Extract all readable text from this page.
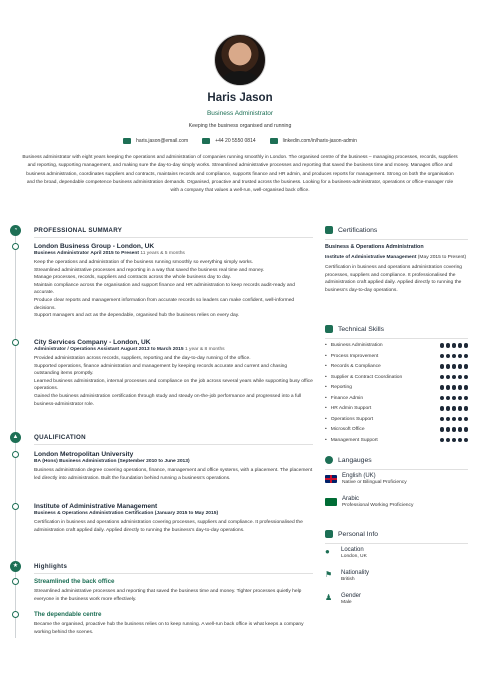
Haris Jason
Business Administrator
Keeping the business organised and running
haris.jason@email.com	+44 20 5550 0814	linkedin.com/in/haris-jason-admin
Business administrator with eight years keeping the operations and administration of companies running smoothly in London. The organised centre of the business – managing processes, records, suppliers and reporting, supporting management, and making sure the day-to-day simply works. Streamlined administrative processes and reporting that saved the business time and money. Manages office and business administration, coordinates suppliers and contracts, maintains records and compliance, supports finance and HR admin, and produces reports for management. Strong on both the organisation and the broad, dependable competence business administration demands. Organised, proactive and trusted across the business. Looking for a business-administrator, operations or office-manager role with a company that values a well-run, well-organised back office.
◔	PROFESSIONAL SUMMARY
London Business Group - London, UK
Business Administrator April 2015 to Present 11 years & 5 months
Keep the operations and administration of the business running smoothly so everything simply works.
Streamlined administrative processes and reporting in a way that saved the business real time and money.
Manage processes, records, suppliers and contracts across the whole business day to day.
Maintain compliance across the organisation and support finance and HR administration to keep records audit-ready and accurate.
Produce clear reports and management information from accurate records so leaders can make confident, well-informed decisions.
Support managers and act as the dependable, organised hub the business relies on every day.
City Services Company - London, UK
Administrator / Operations Assistant August 2013 to March 2015 1 year & 8 months
Provided administration across records, suppliers, reporting and the day-to-day running of the office.
Supported operations, finance administration and management by keeping records accurate and current and chasing outstanding items promptly.
Learned business administration, internal processes and compliance on the job across several years while supporting busy office operations.
Gained the business administration certification through study and steady on-the-job performance and progressed into a full business-administrator role.
▲	QUALIFICATION
London Metropolitan University
BA (Hons) Business Administration (September 2010 to June 2013)
Business administration degree covering operations, finance, management and office systems, with a placement. The placement led directly into administration. Built the foundation behind running a business's operations.
Institute of Administrative Management
Business & Operations Administration Certification (January 2015 to May 2015)
Certification in business and operations administration covering processes, suppliers and compliance. It professionalised the administration craft applied daily. Applied directly to running the business's day-to-day operations.
★	Highlights
Streamlined the back office
Streamlined administrative processes and reporting that saved the business time and money. Tighter processes quietly help everyone in the business work more effectively.
The dependable centre
Became the organised, proactive hub the business relies on to keep running. A well-run back office is what keeps a company working behind the scenes.
Certifications
Business & Operations Administration
Institute of Administrative Management (May 2015 to Present)
Certification in business and operations administration covering processes, suppliers and compliance. It professionalised the administration craft applied daily. Applied directly to running the business's day-to-day operations.
Technical Skills
• Business Administration
• Process Improvement
• Records & Compliance
• Supplier & Contract Coordination
• Reporting
• Finance Admin
• HR Admin Support
• Operations Support
• Microsoft Office
• Management Support
Langauges
English (UK)
Native or Bilingual Proficiency
Arabic
Professional Working Proficiency
Personal Info
●	Location
London, UK
⚑ Nationality
British
♟ Gender
Male
